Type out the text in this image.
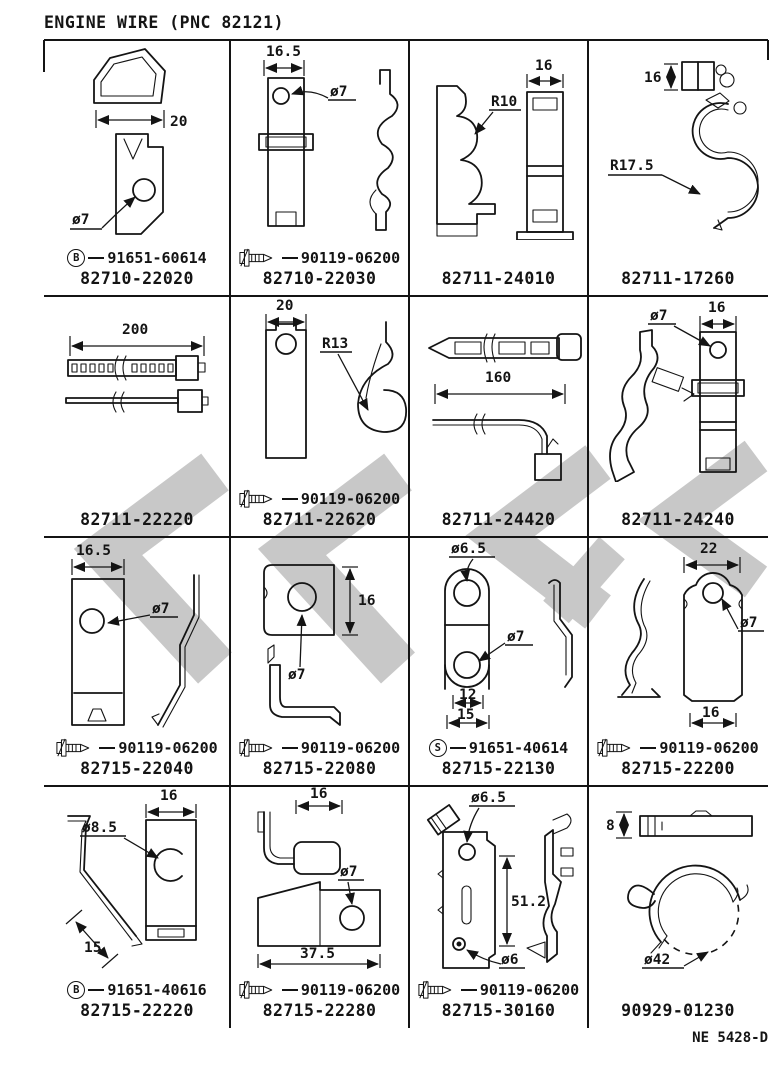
ENGINE WIRE (PNC 82121)
20
ø7
B	91651-60614
82710-22020
16.5
ø7
90119-06200
82710-22030
R10
16
82711-24010
16
R17.5
82711-17260
200
82711-22220
20
R13
90119-06200
82711-22620
160
82711-24420
16
ø7
82711-24240
16.5
ø7
90119-06200
82715-22040
16
ø7
90119-06200
82715-22080
ø6.5
ø7
12
15
S	91651-40614
82715-22130
22
ø7
16
90119-06200
82715-22200
15
16
ø8.5
B	91651-40616
82715-22220
16
ø7
37.5
90119-06200
82715-22280
ø6.5
51.2
ø6
90119-06200
82715-30160
8
ø42
90929-01230
NE 5428-D
